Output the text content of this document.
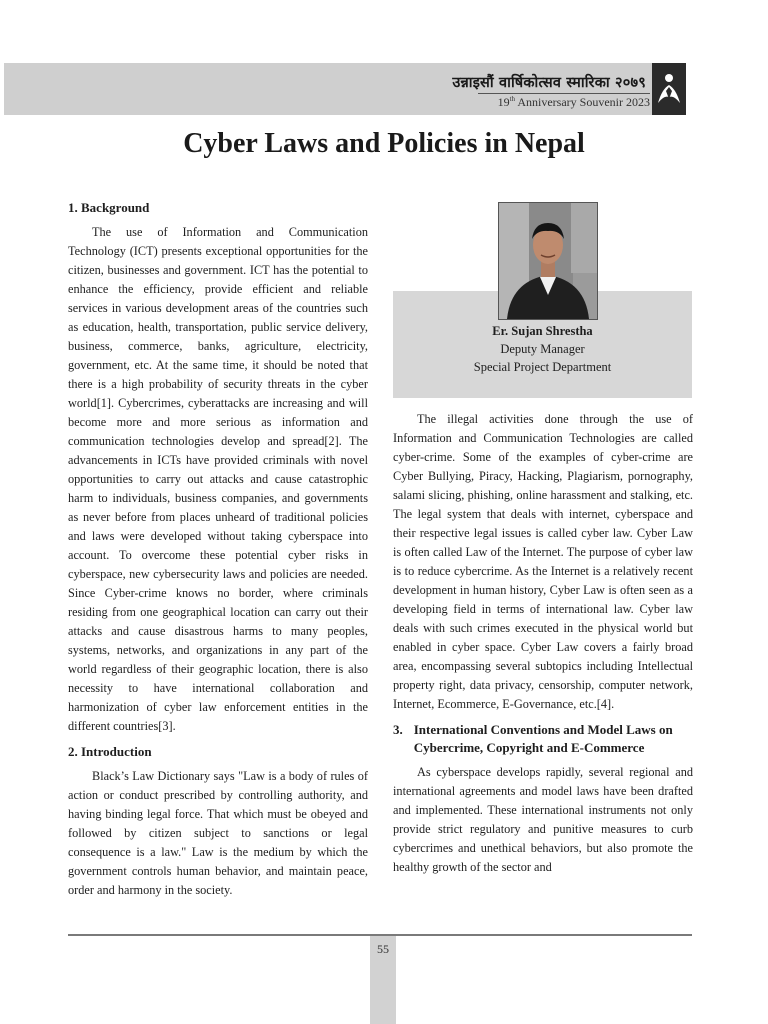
उन्नाइसौं वार्षिकोत्सव स्मारिका २०७९
19th Anniversary Souvenir 2023
Cyber Laws and Policies in Nepal
Er. Sujan Shrestha
Deputy Manager
Special Project Department
1. Background

The use of Information and Communication Technology (ICT) presents exceptional opportunities for the citizen, businesses and government. ICT has the potential to enhance the efficiency, provide efficient and reliable services in various development areas of the countries such as education, health, transportation, public service delivery, business, commerce, banks, agriculture, electricity, government, etc. At the same time, it should be noted that there is a high probability of security threats in the cyber world[1]. Cybercrimes, cyberattacks are increasing and will become more and more serious as information and communication technologies develop and spread[2]. The advancements in ICTs have provided criminals with novel opportunities to carry out attacks and cause catastrophic harm to individuals, business companies, and governments as never before from places unheard of traditional policies and laws were developed without taking cyberspace into account. To overcome these potential cyber risks in cyberspace, new cybersecurity laws and policies are needed. Since Cyber-crime knows no border, where criminals residing from one geographical location can carry out their attacks and cause disastrous harms to many peoples, systems, networks, and organizations in any part of the world regardless of their geographic location, there is also necessity to have international collaboration and harmonization of cyber law enforcement entities in the different countries[3].

2. Introduction

Black’s Law Dictionary says "Law is a body of rules of action or conduct prescribed by controlling authority, and having binding legal force. That which must be obeyed and followed by citizen subject to sanctions or legal consequence is a law." Law is the medium by which the government controls human behavior, and maintain peace, order and harmony in the society.

The illegal activities done through the use of Information and Communication Technologies are called cyber-crime. Some of the examples of cyber-crime are Cyber Bullying, Piracy, Hacking, Plagiarism, pornography, salami slicing, phishing, online harassment and stalking, etc. The legal system that deals with internet, cyberspace and their respective legal issues is called cyber law. Cyber Law is often called Law of the Internet. The purpose of cyber law is to reduce cybercrime. As the Internet is a relatively recent development in human history, Cyber Law is often seen as a developing field in terms of international law. Cyber law deals with such crimes executed in the physical world but enabled in cyber space. Cyber Law covers a fairly broad area, encompassing several subtopics including Intellectual property right, data privacy, censorship, computer network, Internet, Ecommerce, E-Governance, etc.[4].

3. International Conventions and Model Laws on Cybercrime, Copyright and E-Commerce

As cyberspace develops rapidly, several regional and international agreements and model laws have been drafted and implemented. These international instruments not only provide strict regulatory and punitive measures to curb cybercrimes and unethical behaviors, but also promote the healthy growth of the sector and

55
